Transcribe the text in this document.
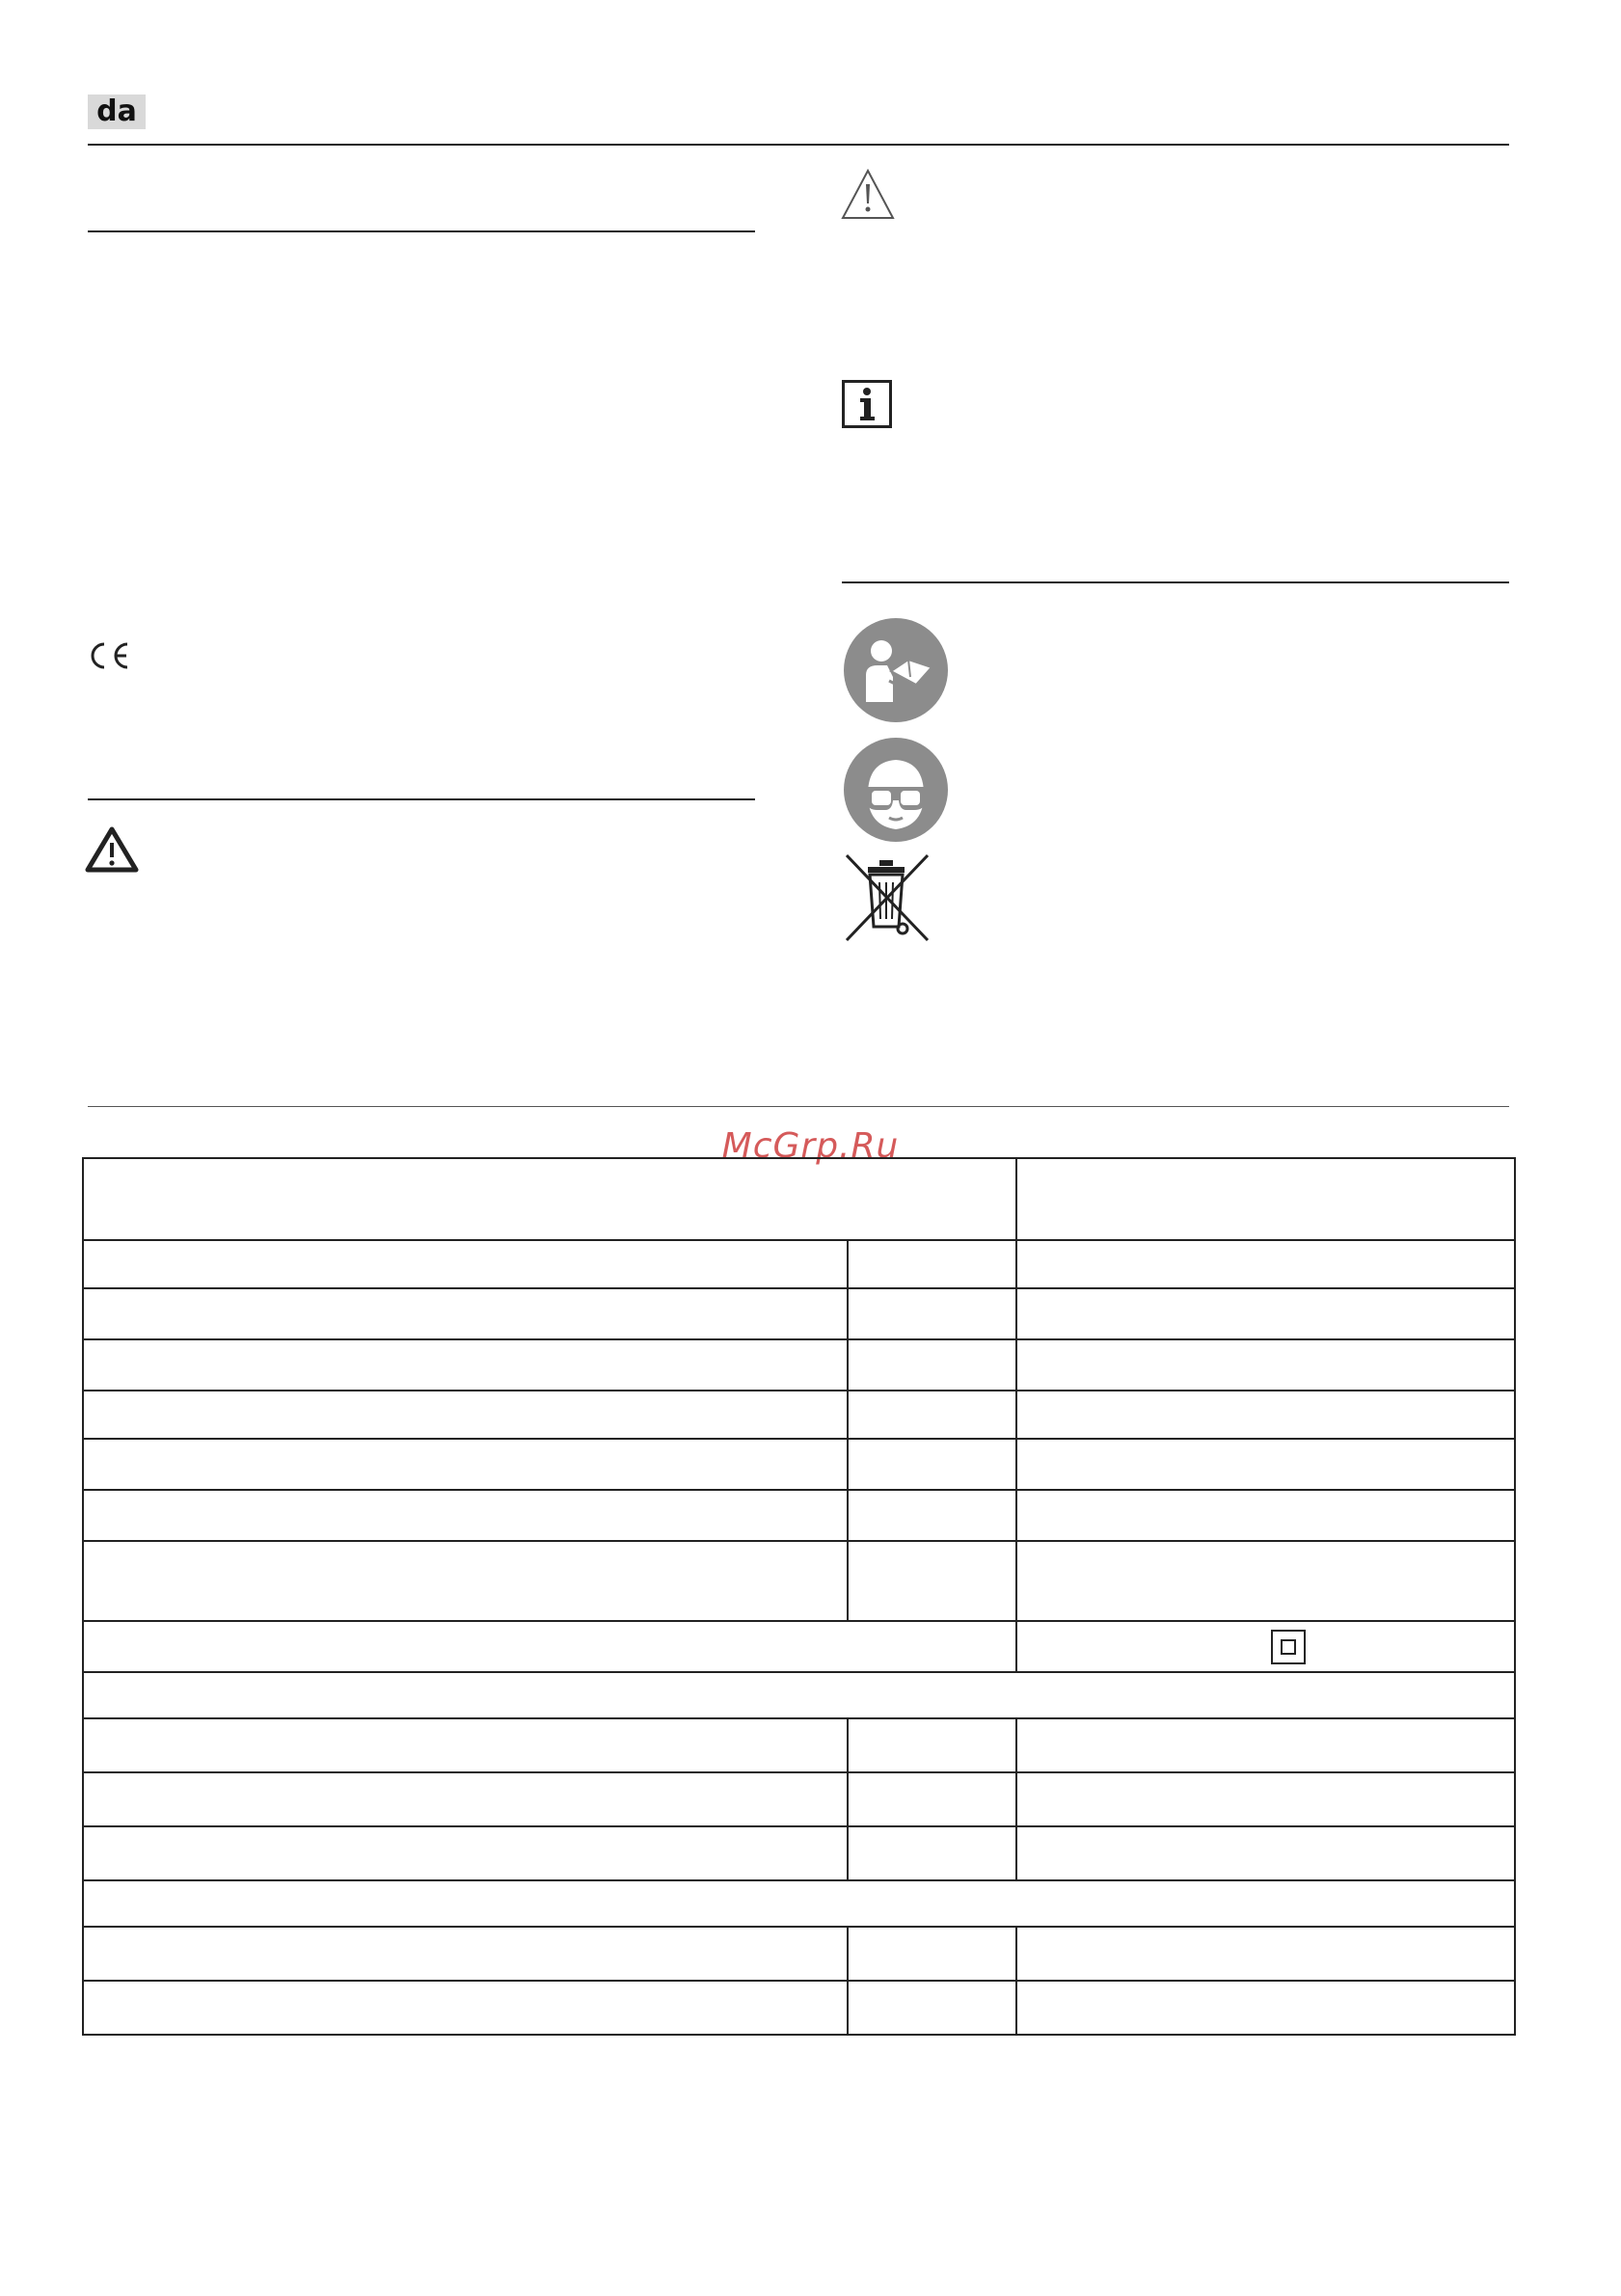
da
McGrp.Ru
